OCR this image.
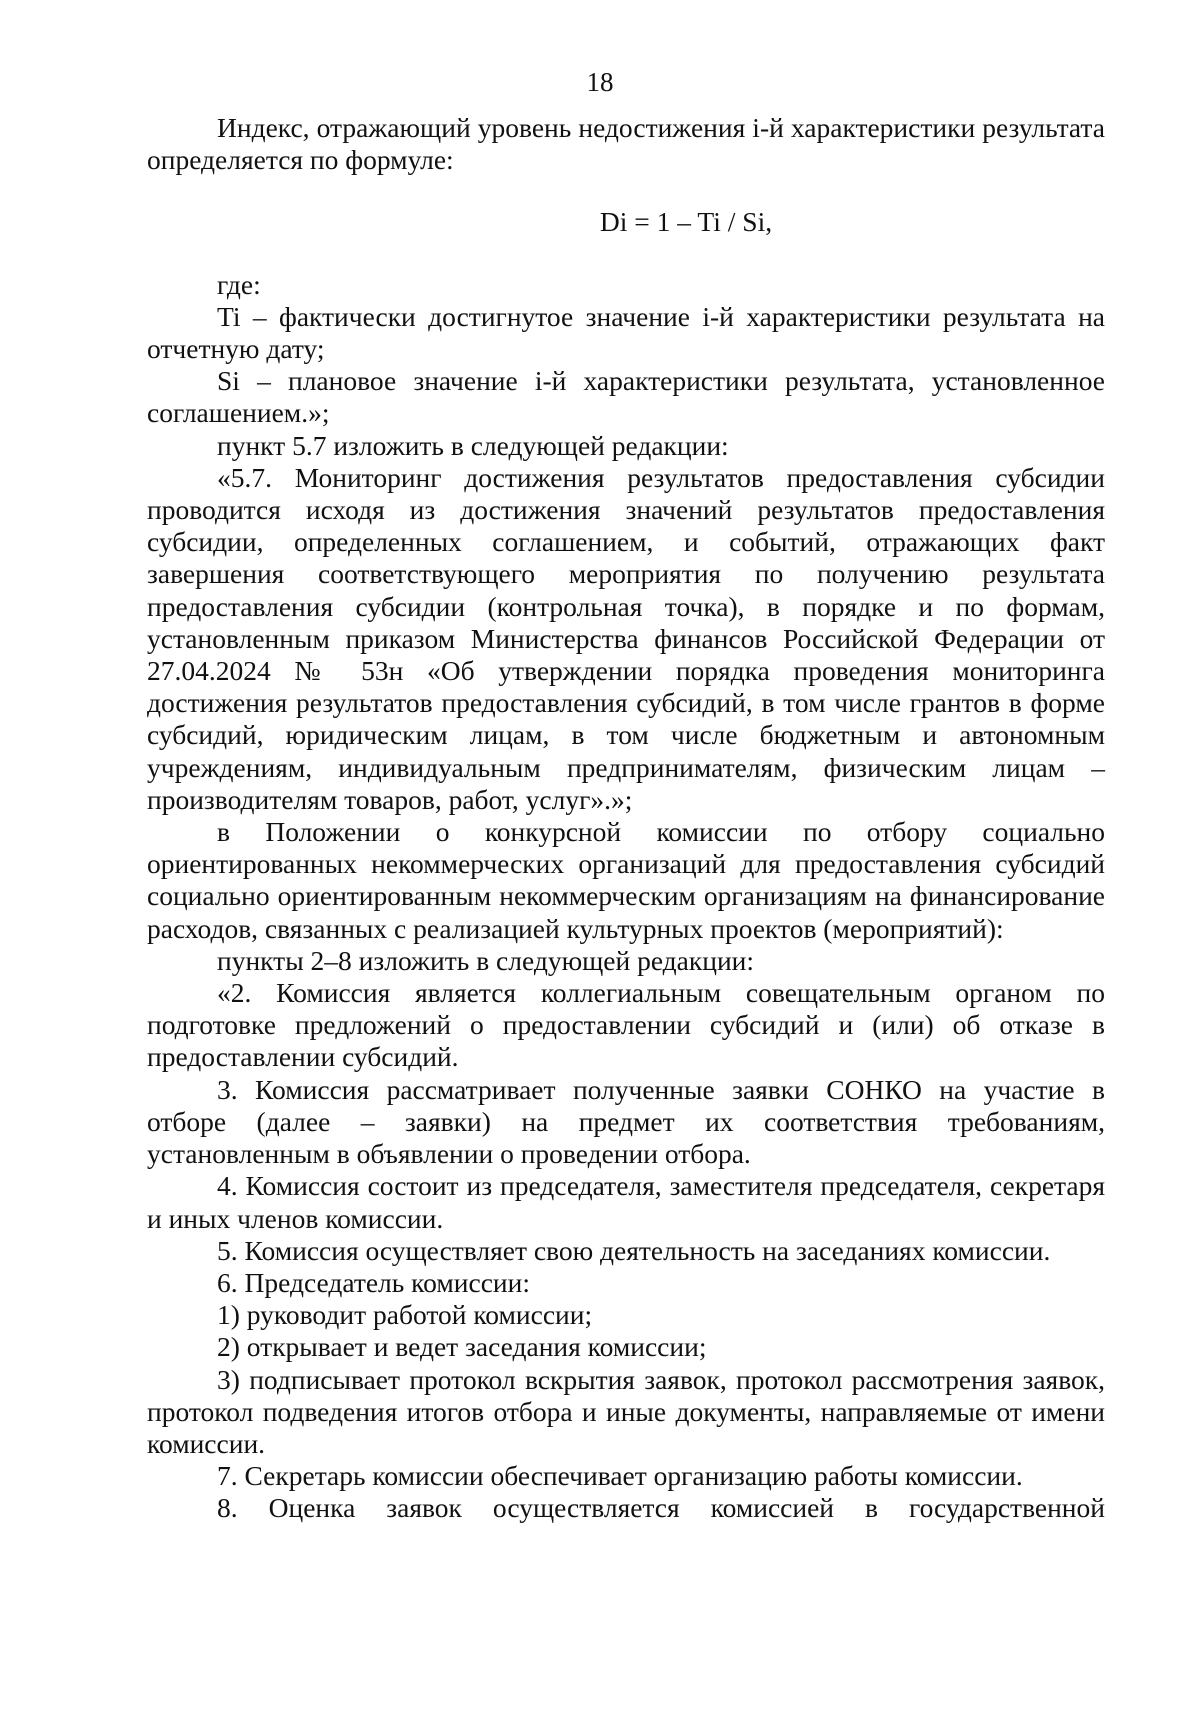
18

Индекс, отражающий уровень недостижения i-й характеристики результата определяется по формуле:

Di = 1 – Ti / Si,

где:

Ti – фактически достигнутое значение i-й характеристики результата на отчетную дату;

Si – плановое значение i-й характеристики результата, установленное соглашением.»;

пункт 5.7 изложить в следующей редакции:

«5.7. Мониторинг достижения результатов предоставления субсидии проводится исходя из достижения значений результатов предоставления субсидии, определенных соглашением, и событий, отражающих факт завершения соответствующего мероприятия по получению результата предоставления субсидии (контрольная точка), в порядке и по формам, установленным приказом Министерства финансов Российской Федерации от 27.04.2024 № 53н «Об утверждении порядка проведения мониторинга достижения результатов предоставления субсидий, в том числе грантов в форме субсидий, юридическим лицам, в том числе бюджетным и автономным учреждениям, индивидуальным предпринимателям, физическим лицам – производителям товаров, работ, услуг».»;

в Положении о конкурсной комиссии по отбору социально ориентированных некоммерческих организаций для предоставления субсидий социально ориентированным некоммерческим организациям на финансирование расходов, связанных с реализацией культурных проектов (мероприятий):

пункты 2–8 изложить в следующей редакции:

«2. Комиссия является коллегиальным совещательным органом по подготовке предложений о предоставлении субсидий и (или) об отказе в предоставлении субсидий.

3. Комиссия рассматривает полученные заявки СОНКО на участие в отборе (далее – заявки) на предмет их соответствия требованиям, установленным в объявлении о проведении отбора.

4. Комиссия состоит из председателя, заместителя председателя, секретаря и иных членов комиссии.

5. Комиссия осуществляет свою деятельность на заседаниях комиссии.

6. Председатель комиссии:

1) руководит работой комиссии;

2) открывает и ведет заседания комиссии;

3) подписывает протокол вскрытия заявок, протокол рассмотрения заявок, протокол подведения итогов отбора и иные документы, направляемые от имени комиссии.

7. Секретарь комиссии обеспечивает организацию работы комиссии.

8. Оценка заявок осуществляется комиссией в государственной
